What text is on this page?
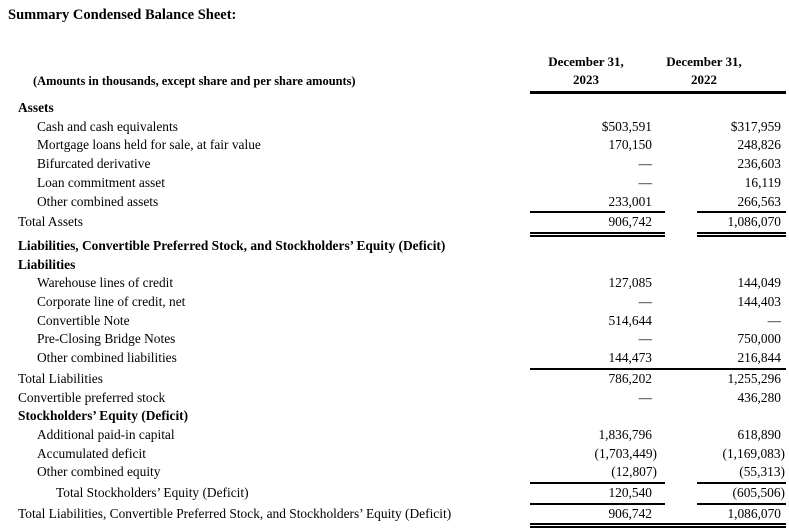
Summary Condensed Balance Sheet:
(Amounts in thousands, except share and per share amounts)
December 31,
2023
December 31,
2022
Assets
Cash and cash equivalents	$503,591	$317,959
Mortgage loans held for sale, at fair value	170,150	248,826
Bifurcated derivative	—	236,603
Loan commitment asset	—	16,119
Other combined assets	233,001	266,563
Total Assets	906,742	1,086,070
Liabilities, Convertible Preferred Stock, and Stockholders’ Equity (Deficit)
Liabilities
Warehouse lines of credit	127,085	144,049
Corporate line of credit, net	—	144,403
Convertible Note	514,644	—
Pre-Closing Bridge Notes	—	750,000
Other combined liabilities	144,473	216,844
Total Liabilities	786,202	1,255,296
Convertible preferred stock	—	436,280
Stockholders’ Equity (Deficit)
Additional paid-in capital	1,836,796	618,890
Accumulated deficit	(1,703,449)	(1,169,083)
Other combined equity	(12,807)	(55,313)
Total Stockholders’ Equity (Deficit)	120,540	(605,506)
Total Liabilities, Convertible Preferred Stock, and Stockholders’ Equity (Deficit)	906,742	1,086,070
